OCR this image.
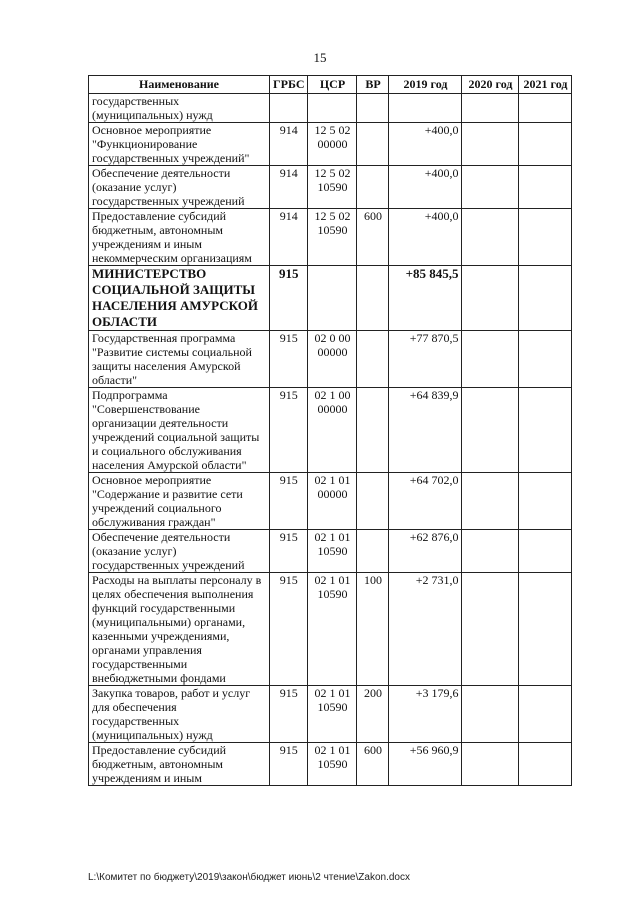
15
Наименование	ГРБС	ЦСР	ВР	2019 год	2020 год	2021 год
государственных (муниципальных) нужд						
Основное мероприятие "Функционирование государственных учреждений"	914	12 5 02 00000		+400,0		
Обеспечение деятельности (оказание услуг) государственных учреждений	914	12 5 02 10590		+400,0		
Предоставление субсидий бюджетным, автономным учреждениям и иным некоммерческим организациям	914	12 5 02 10590	600	+400,0		
МИНИСТЕРСТВО СОЦИАЛЬНОЙ ЗАЩИТЫ НАСЕЛЕНИЯ АМУРСКОЙ ОБЛАСТИ	915			+85 845,5		
Государственная программа "Развитие системы социальной защиты населения Амурской области"	915	02 0 00 00000		+77 870,5		
Подпрограмма "Совершенствование организации деятельности учреждений социальной защиты и социального обслуживания населения Амурской области"	915	02 1 00 00000		+64 839,9		
Основное мероприятие "Содержание и развитие сети учреждений социального обслуживания граждан"	915	02 1 01 00000		+64 702,0		
Обеспечение деятельности (оказание услуг) государственных учреждений	915	02 1 01 10590		+62 876,0		
Расходы на выплаты персоналу в целях обеспечения выполнения функций государственными (муниципальными) органами, казенными учреждениями, органами управления государственными внебюджетными фондами	915	02 1 01 10590	100	+2 731,0		
Закупка товаров, работ и услуг для обеспечения государственных (муниципальных) нужд	915	02 1 01 10590	200	+3 179,6		
Предоставление субсидий бюджетным, автономным учреждениям и иным	915	02 1 01 10590	600	+56 960,9		
L:\Комитет по бюджету\2019\закон\бюджет июнь\2 чтение\Zakon.docx
